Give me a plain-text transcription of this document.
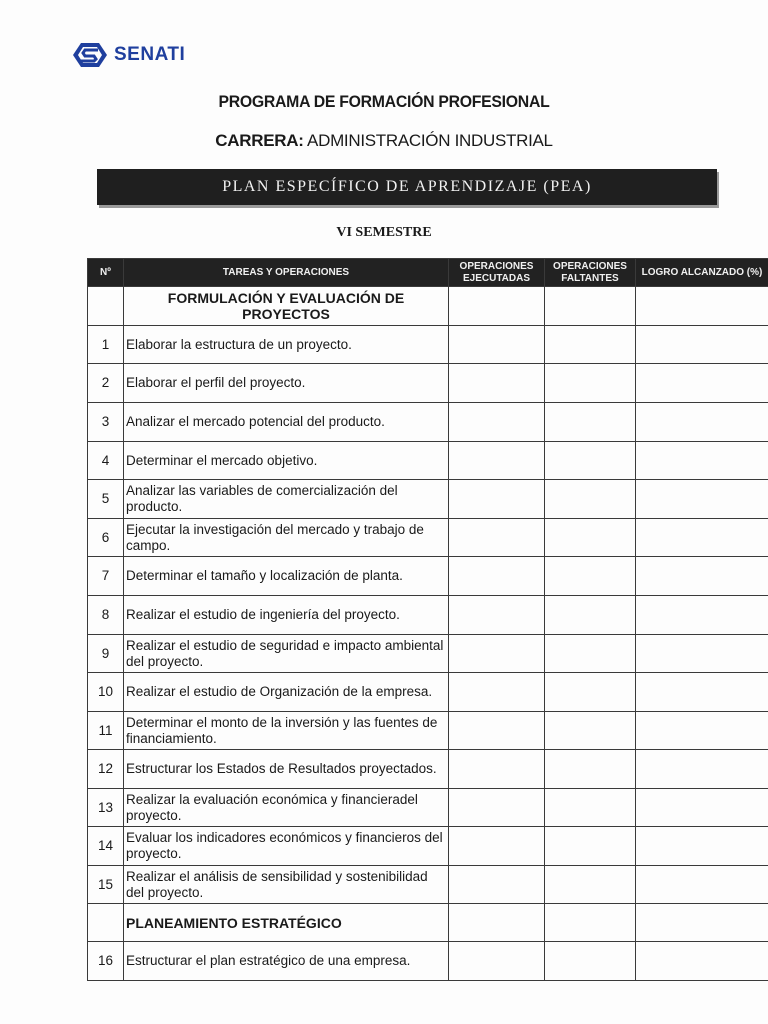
SENATI
PROGRAMA DE FORMACIÓN PROFESIONAL
CARRERA: ADMINISTRACIÓN INDUSTRIAL
PLAN ESPECÍFICO DE APRENDIZAJE (PEA)
VI SEMESTRE
Nº	TAREAS Y OPERACIONES	OPERACIONES EJECUTADAS	OPERACIONES FALTANTES	LOGRO ALCANZADO (%)
	FORMULACIÓN Y EVALUACIÓN DE PROYECTOS			
1	Elaborar la estructura de un proyecto.			
2	Elaborar el perfil del proyecto.			
3	Analizar el mercado potencial del producto.			
4	Determinar el mercado objetivo.			
5	Analizar las variables de comercialización del producto.			
6	Ejecutar la investigación del mercado y trabajo de campo.			
7	Determinar el tamaño y localización de planta.			
8	Realizar el estudio de ingeniería del proyecto.			
9	Realizar el estudio de seguridad e impacto ambiental del proyecto.			
10	Realizar el estudio de Organización de la empresa.			
11	Determinar el monto de la inversión y las fuentes de financiamiento.			
12	Estructurar los Estados de Resultados proyectados.			
13	Realizar la evaluación económica y financieradel proyecto.			
14	Evaluar los indicadores económicos y financieros del proyecto.			
15	Realizar el análisis de sensibilidad y sostenibilidad del proyecto.			
	PLANEAMIENTO ESTRATÉGICO			
16	Estructurar el plan estratégico de una empresa.			
